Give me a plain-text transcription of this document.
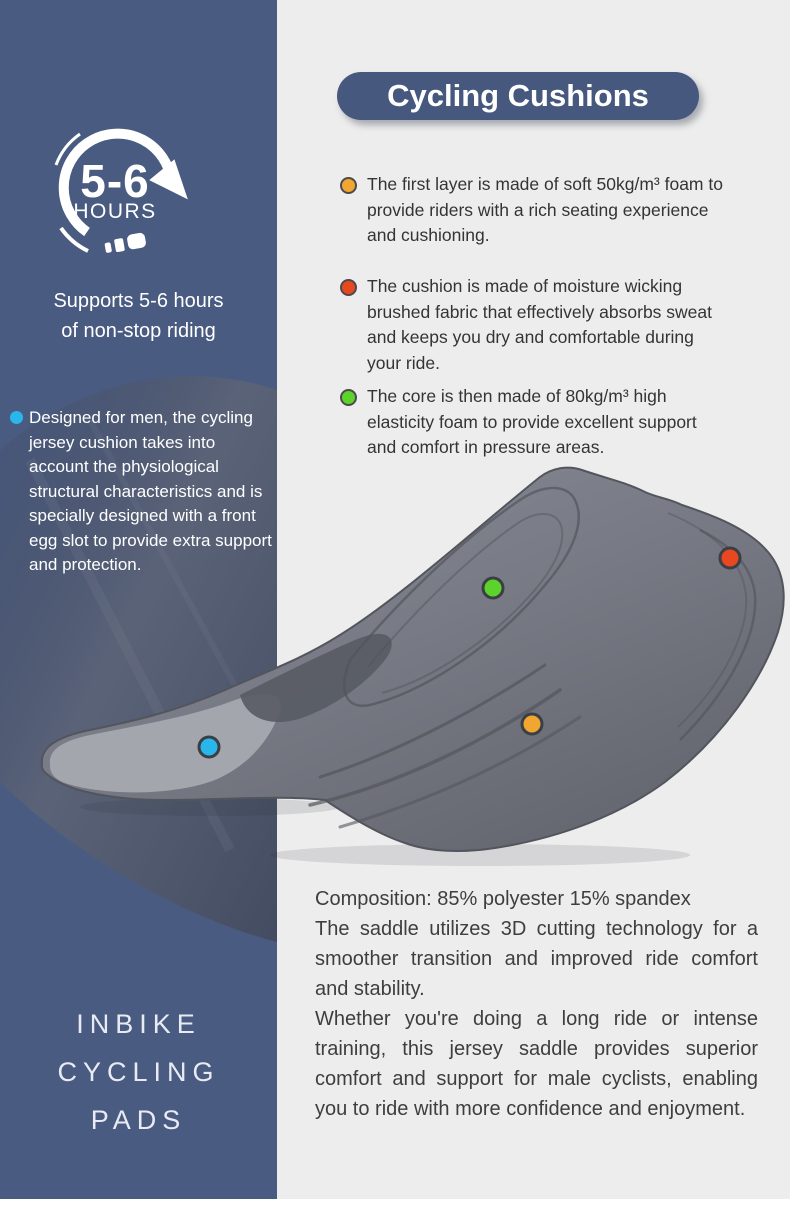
5-6
HOURS
Supports 5-6 hours
of non-stop riding

Designed for men, the cycling jersey cushion takes into account the physiological structural characteristics and is specially designed with a front egg slot to provide extra support and protection.

INBIKE
CYCLING
PADS
Cycling Cushions

The first layer is made of soft 50kg/m³ foam to provide riders with a rich seating experience and cushioning.

The cushion is made of moisture wicking brushed fabric that effectively absorbs sweat and keeps you dry and comfortable during your ride.

The core is then made of 80kg/m³ high elasticity foam to provide excellent support and comfort in pressure areas.

Composition: 85% polyester 15% spandex

The saddle utilizes 3D cutting technology for a smoother transition and improved ride comfort and stability.

Whether you're doing a long ride or intense training, this jersey saddle provides superior comfort and support for male cyclists, enabling you to ride with more confidence and enjoyment.
